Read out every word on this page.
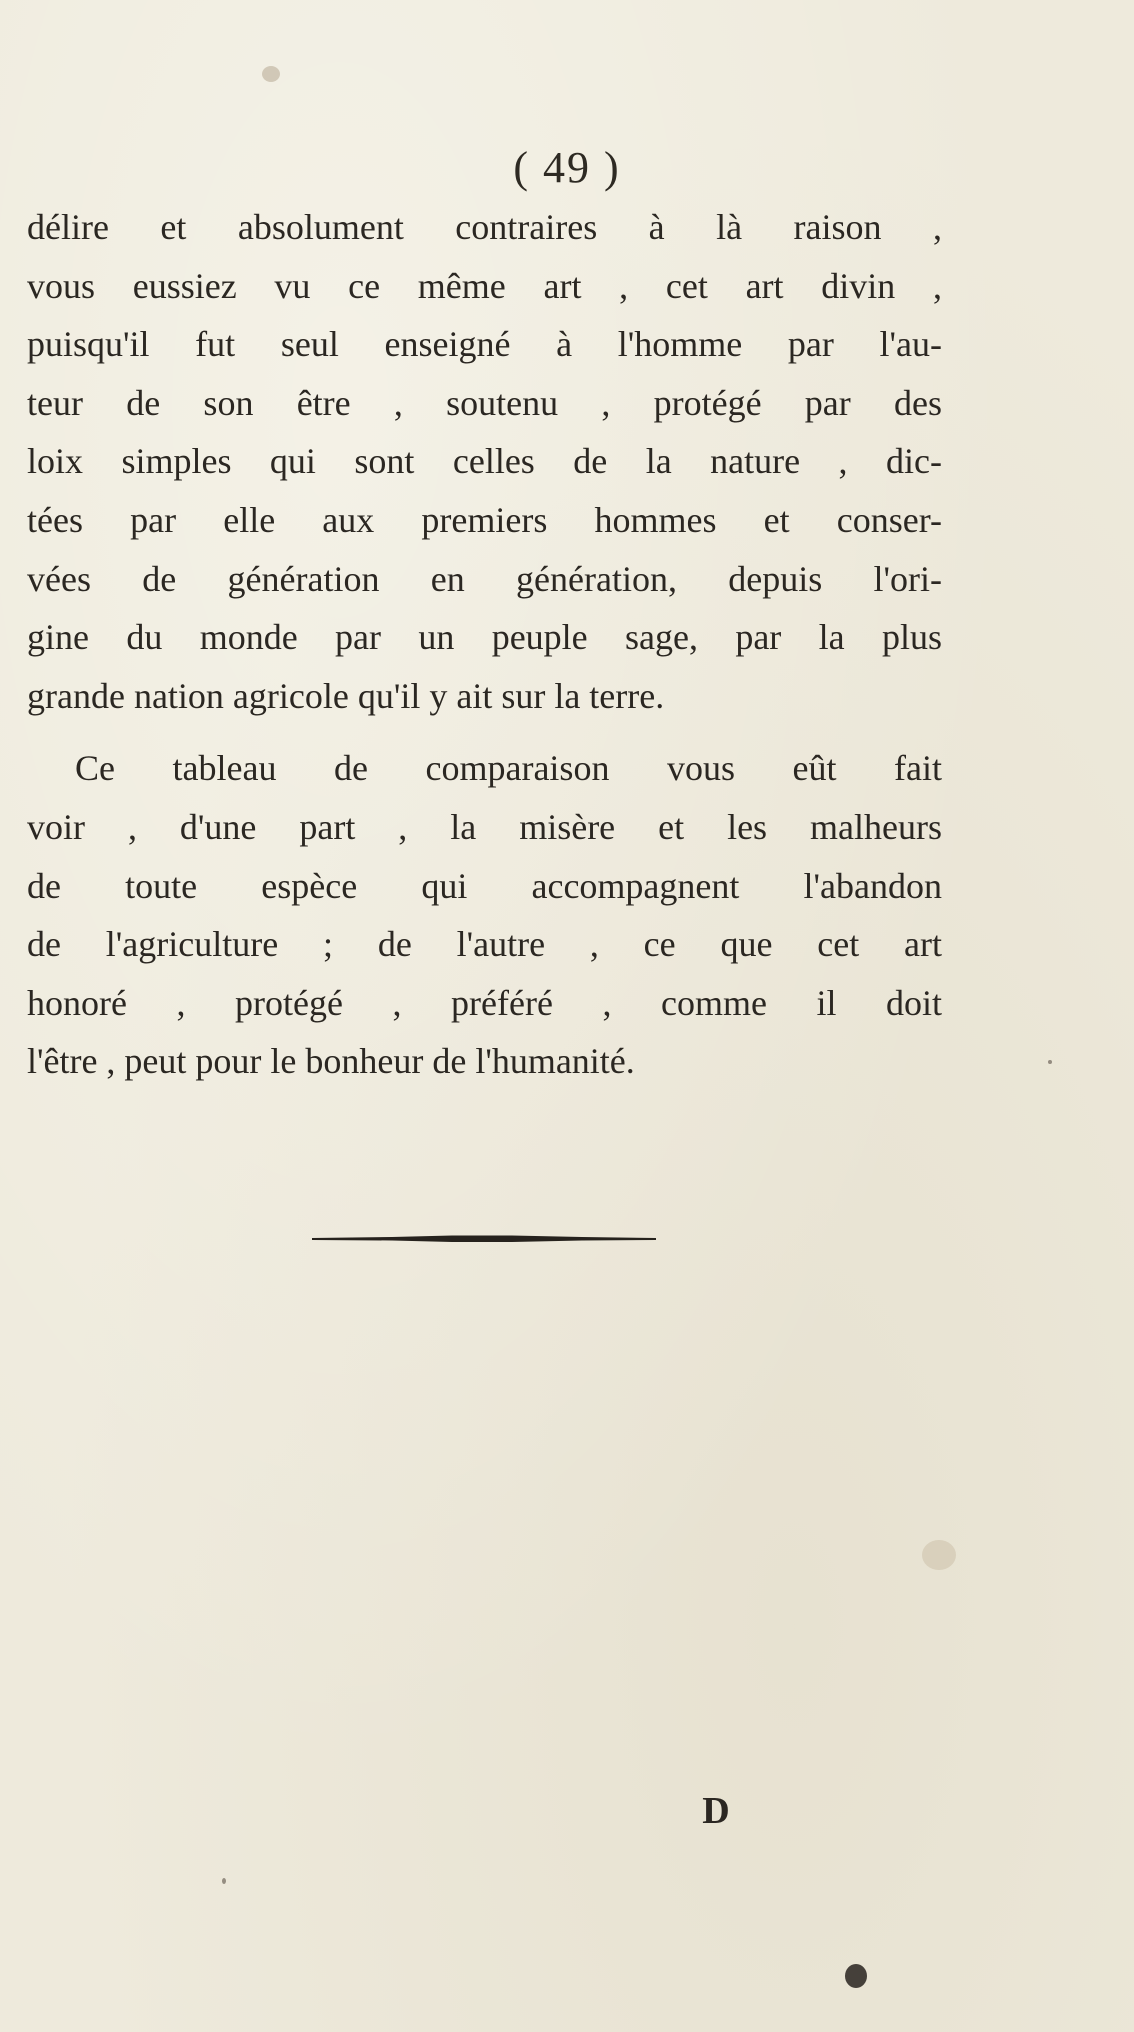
( 49 )
délire et absolument contraires à là raison ,
vous eussiez vu ce même art , cet art divin ,
puisqu'il fut seul enseigné à l'homme par l'au-
teur de son être , soutenu , protégé par des
loix simples qui sont celles de la nature , dic-
tées par elle aux premiers hommes et conser-
vées de génération en génération, depuis l'ori-
gine du monde par un peuple sage, par la plus
grande nation agricole qu'il y ait sur la terre.
Ce tableau de comparaison vous eût fait
voir , d'une part , la misère et les malheurs
de toute espèce qui accompagnent l'abandon
de l'agriculture ; de l'autre , ce que cet art
honoré , protégé , préféré , comme il doit
l'être , peut pour le bonheur de l'humanité.
D
